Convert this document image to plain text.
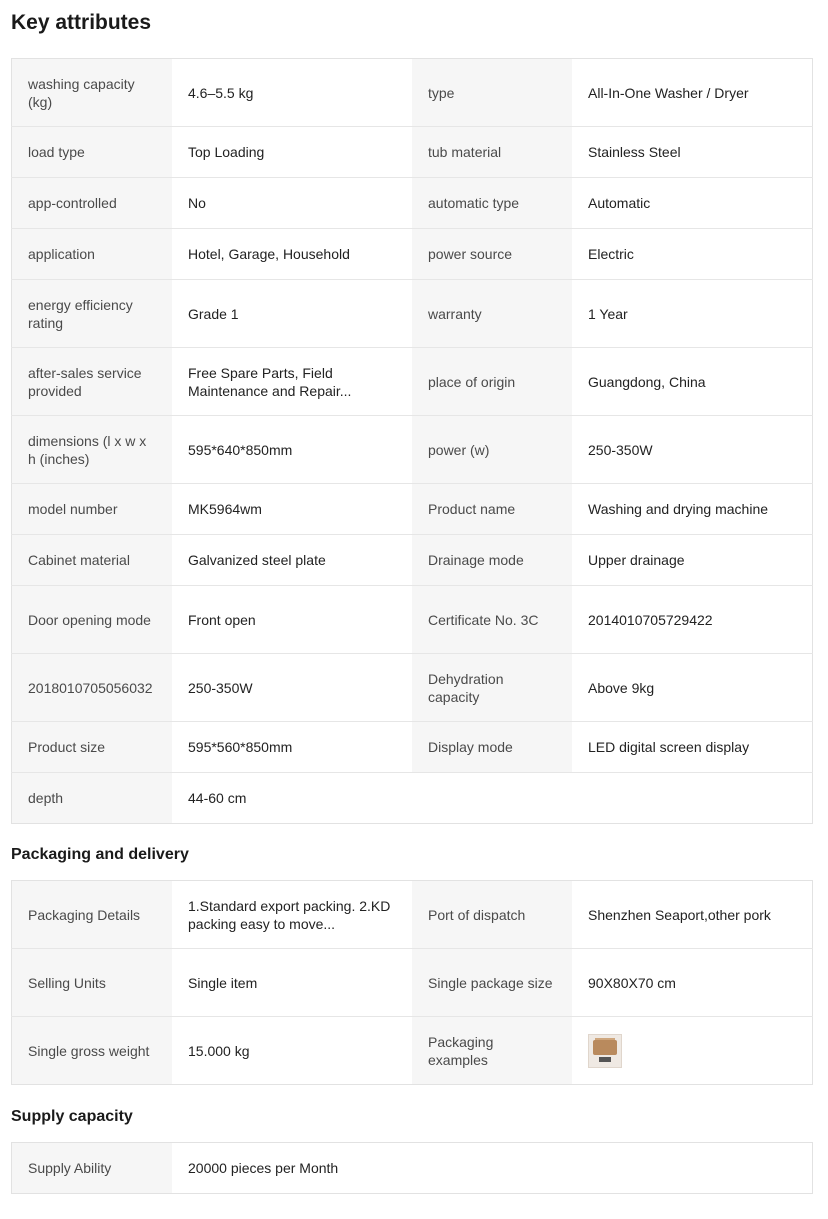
Key attributes
washing capacity (kg)	4.6–5.5 kg	type	All-In-One Washer / Dryer
load type	Top Loading	tub material	Stainless Steel
app-controlled	No	automatic type	Automatic
application	Hotel, Garage, Household	power source	Electric
energy efficiency rating	Grade 1	warranty	1 Year
after-sales service provided	Free Spare Parts, Field Maintenance and Repair...	place of origin	Guangdong, China
dimensions (l x w x h (inches)	595*640*850mm	power (w)	250-350W
model number	MK5964wm	Product name	Washing and drying machine
Cabinet material	Galvanized steel plate	Drainage mode	Upper drainage
Door opening mode	Front open	Certificate No. 3C	2014010705729422
2018010705056032	250-350W	Dehydration capacity	Above 9kg
Product size	595*560*850mm	Display mode	LED digital screen display
depth	44-60 cm		
Packaging and delivery
Packaging Details	1.Standard export packing. 2.KD packing easy to move...	Port of dispatch	Shenzhen Seaport,other pork
Selling Units	Single item	Single package size	90X80X70 cm
Single gross weight	15.000 kg	Packaging examples	
Supply capacity
Supply Ability	20000 pieces per Month
